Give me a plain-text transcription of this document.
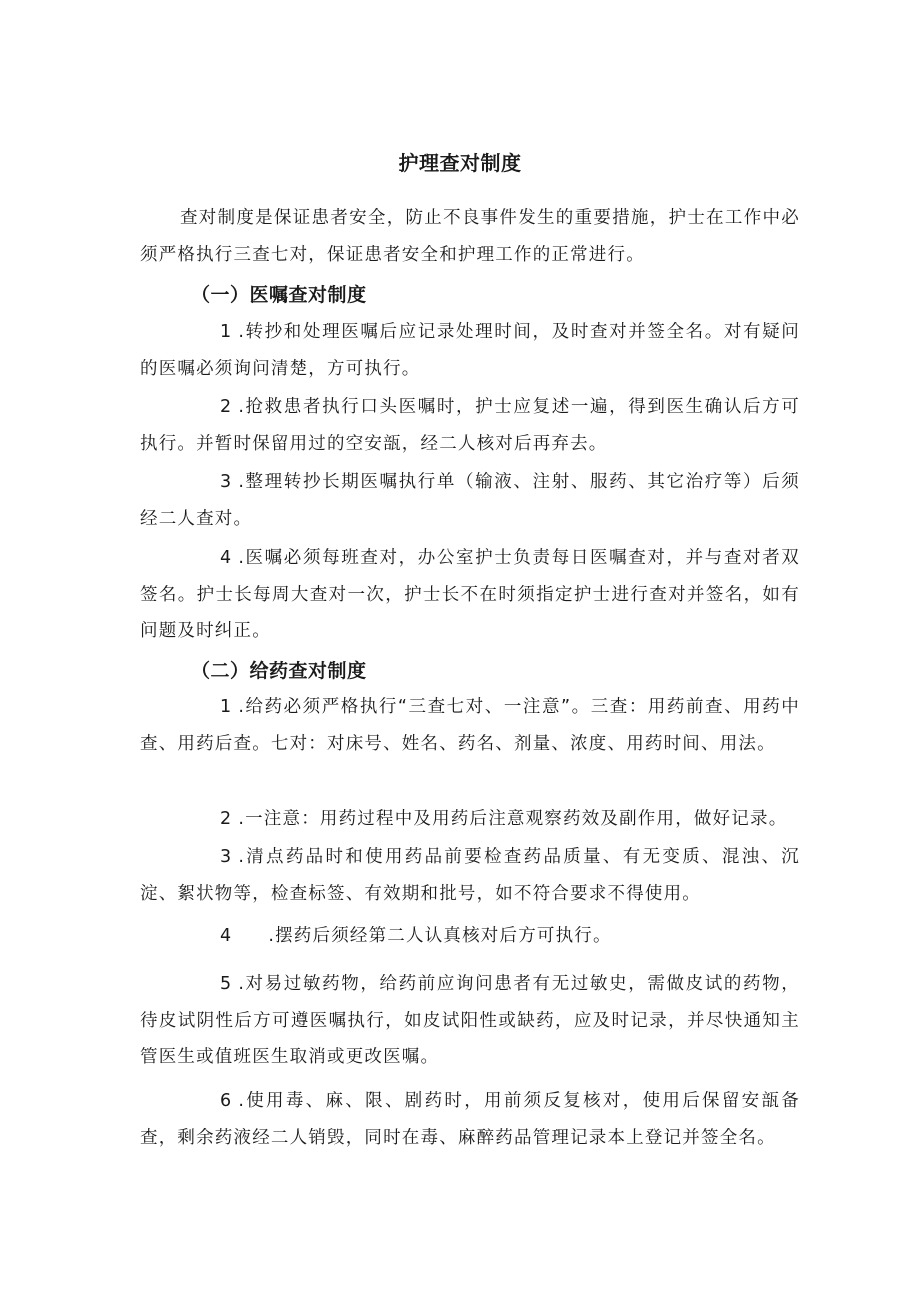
护理查对制度

查对制度是保证患者安全，防止不良事件发生的重要措施，护士在工作中必须严格执行三查七对，保证患者安全和护理工作的正常进行。

（一）医嘱查对制度

1 .转抄和处理医嘱后应记录处理时间，及时查对并签全名。对有疑问的医嘱必须询问清楚，方可执行。

2 .抢救患者执行口头医嘱时，护士应复述一遍，得到医生确认后方可执行。并暂时保留用过的空安瓿，经二人核对后再弃去。

3 .整理转抄长期医嘱执行单（输液、注射、服药、其它治疗等）后须经二人查对。

4 .医嘱必须每班查对，办公室护士负责每日医嘱查对，并与查对者双签名。护士长每周大查对一次，护士长不在时须指定护士进行查对并签名，如有问题及时纠正。

（二）给药查对制度

1 .给药必须严格执行“三查七对、一注意”。三查：用药前查、用药中查、用药后查。七对：对床号、姓名、药名、剂量、浓度、用药时间、用法。

2 .一注意：用药过程中及用药后注意观察药效及副作用，做好记录。

3 .清点药品时和使用药品前要检查药品质量、有无变质、混浊、沉淀、絮状物等，检查标签、有效期和批号，如不符合要求不得使用。

4 .摆药后须经第二人认真核对后方可执行。

5 .对易过敏药物，给药前应询问患者有无过敏史，需做皮试的药物，待皮试阴性后方可遵医嘱执行，如皮试阳性或缺药，应及时记录，并尽快通知主管医生或值班医生取消或更改医嘱。

6 .使用毒、麻、限、剧药时，用前须反复核对，使用后保留安瓿备查，剩余药液经二人销毁，同时在毒、麻醉药品管理记录本上登记并签全名。
